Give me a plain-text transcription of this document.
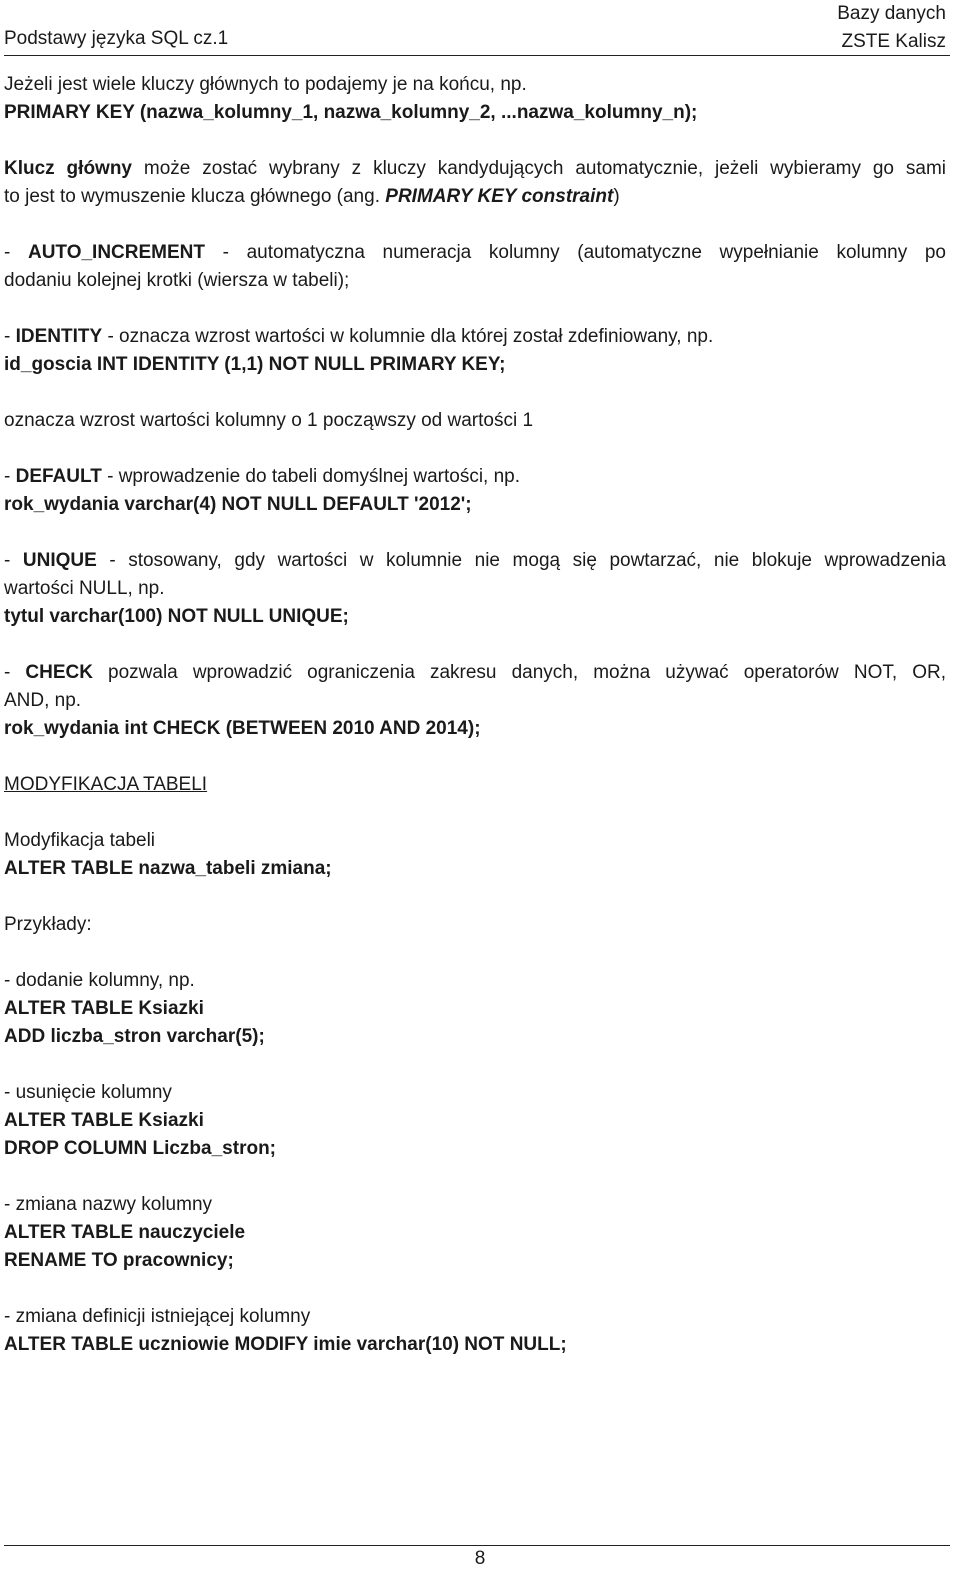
Podstawy języka SQL cz.1
Bazy danych
ZSTE Kalisz
Jeżeli jest wiele kluczy głównych to podajemy je na końcu, np.
PRIMARY KEY (nazwa_kolumny_1, nazwa_kolumny_2, ...nazwa_kolumny_n);
Klucz główny może zostać wybrany z kluczy kandydujących automatycznie, jeżeli wybieramy go sami
to jest to wymuszenie klucza głównego (ang. PRIMARY KEY constraint)
- AUTO_INCREMENT - automatyczna numeracja kolumny (automatyczne wypełnianie kolumny po
dodaniu kolejnej krotki (wiersza w tabeli);
- IDENTITY - oznacza wzrost wartości w kolumnie dla której został zdefiniowany, np.
id_goscia INT IDENTITY (1,1) NOT NULL PRIMARY KEY;
oznacza wzrost wartości kolumny o 1 począwszy od wartości 1
- DEFAULT - wprowadzenie do tabeli domyślnej wartości, np.
rok_wydania varchar(4) NOT NULL DEFAULT '2012';
- UNIQUE - stosowany, gdy wartości w kolumnie nie mogą się powtarzać, nie blokuje wprowadzenia
wartości NULL, np.
tytul varchar(100) NOT NULL UNIQUE;
- CHECK pozwala wprowadzić ograniczenia zakresu danych, można używać operatorów NOT, OR,
AND, np.
rok_wydania int CHECK (BETWEEN 2010 AND 2014);
MODYFIKACJA TABELI
Modyfikacja tabeli
ALTER TABLE nazwa_tabeli zmiana;
Przykłady:
- dodanie kolumny, np.
ALTER TABLE Ksiazki
ADD liczba_stron varchar(5);
- usunięcie kolumny
ALTER TABLE Ksiazki
DROP COLUMN Liczba_stron;
- zmiana nazwy kolumny
ALTER TABLE nauczyciele
RENAME TO pracownicy;
- zmiana definicji istniejącej kolumny
ALTER TABLE uczniowie MODIFY imie varchar(10) NOT NULL;
8
